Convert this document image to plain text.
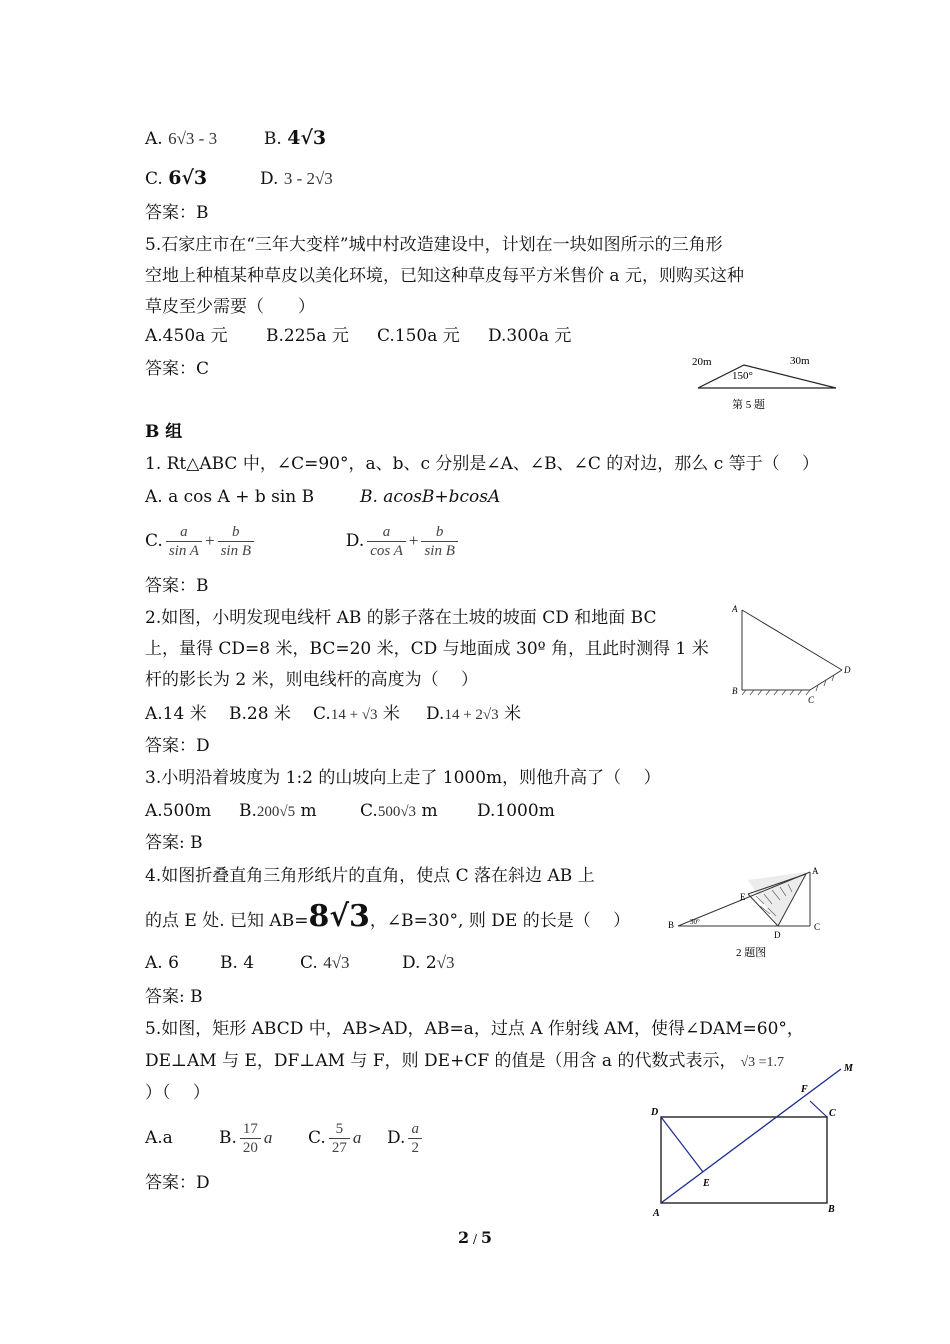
A. 6√3 - 3	B. 4√3
C. 6√3	D. 3 - 2√3
答案：B
5.石家庄市在“三年大变样”城中村改造建设中，计划在一块如图所示的三角形
空地上种植某种草皮以美化环境，已知这种草皮每平方米售价 a 元，则购买这种
草皮至少需要（　　）
A.450a 元 B.225a 元 C.150a 元 D.300a 元
答案：C	20m	30m
150°
第 5 题
B 组
1. Rt△ABC 中，∠C=90°，a、b、c 分别是∠A、∠B、∠C 的对边，那么 c 等于（　 ）
A. a cos A + b sin B	B. acosB+bcosA
C. $\frac{a}{\text{sin A}} + \frac{b}{\text{sin B}}$	D. $\frac{a}{\text{cos A}} + \frac{b}{\text{sin B}}$
答案：B
2.如图，小明发现电线杆 AB 的影子落在土坡的坡面 CD 和地面 BC
上，量得 CD=8 米，BC=20 米，CD 与地面成 30º 角，且此时测得 1 米
杆的影长为 2 米，则电线杆的高度为（　 ）
A.14 米 B.28 米 C.14 + √3 米 D.14 + 2√3 米
答案：D
A
B
C
D
3.小明沿着坡度为 1:2 的山坡向上走了 1000m，则他升高了（　 ）
A.500m B.200√5 m	C.500√3 m D.1000m
答案: B
4.如图折叠直角三角形纸片的直角，使点 C 落在斜边 AB 上
的点 E 处. 已知 AB=8√3，∠B=30°, 则 DE 的长是（　 ）
A. 6 B. 4	C. 4√3	D. 2√3
答案: B
B
A
C
D
E
30°
2 题图
5.如图，矩形 ABCD 中，AB>AD，AB=a，过点 A 作射线 AM，使得∠DAM=60°，
DE⊥AM 与 E，DF⊥AM 与 F，则 DE+CF 的值是（用含 a 的代数式表示， √3 =1.7
）（　 ）
A.a	B. $\frac{17}{20}$ a C. $\frac{5}{27}$ a D. $\frac{a}{2}$
答案：D
A	B
C
D
E
F
M
2 / 5
